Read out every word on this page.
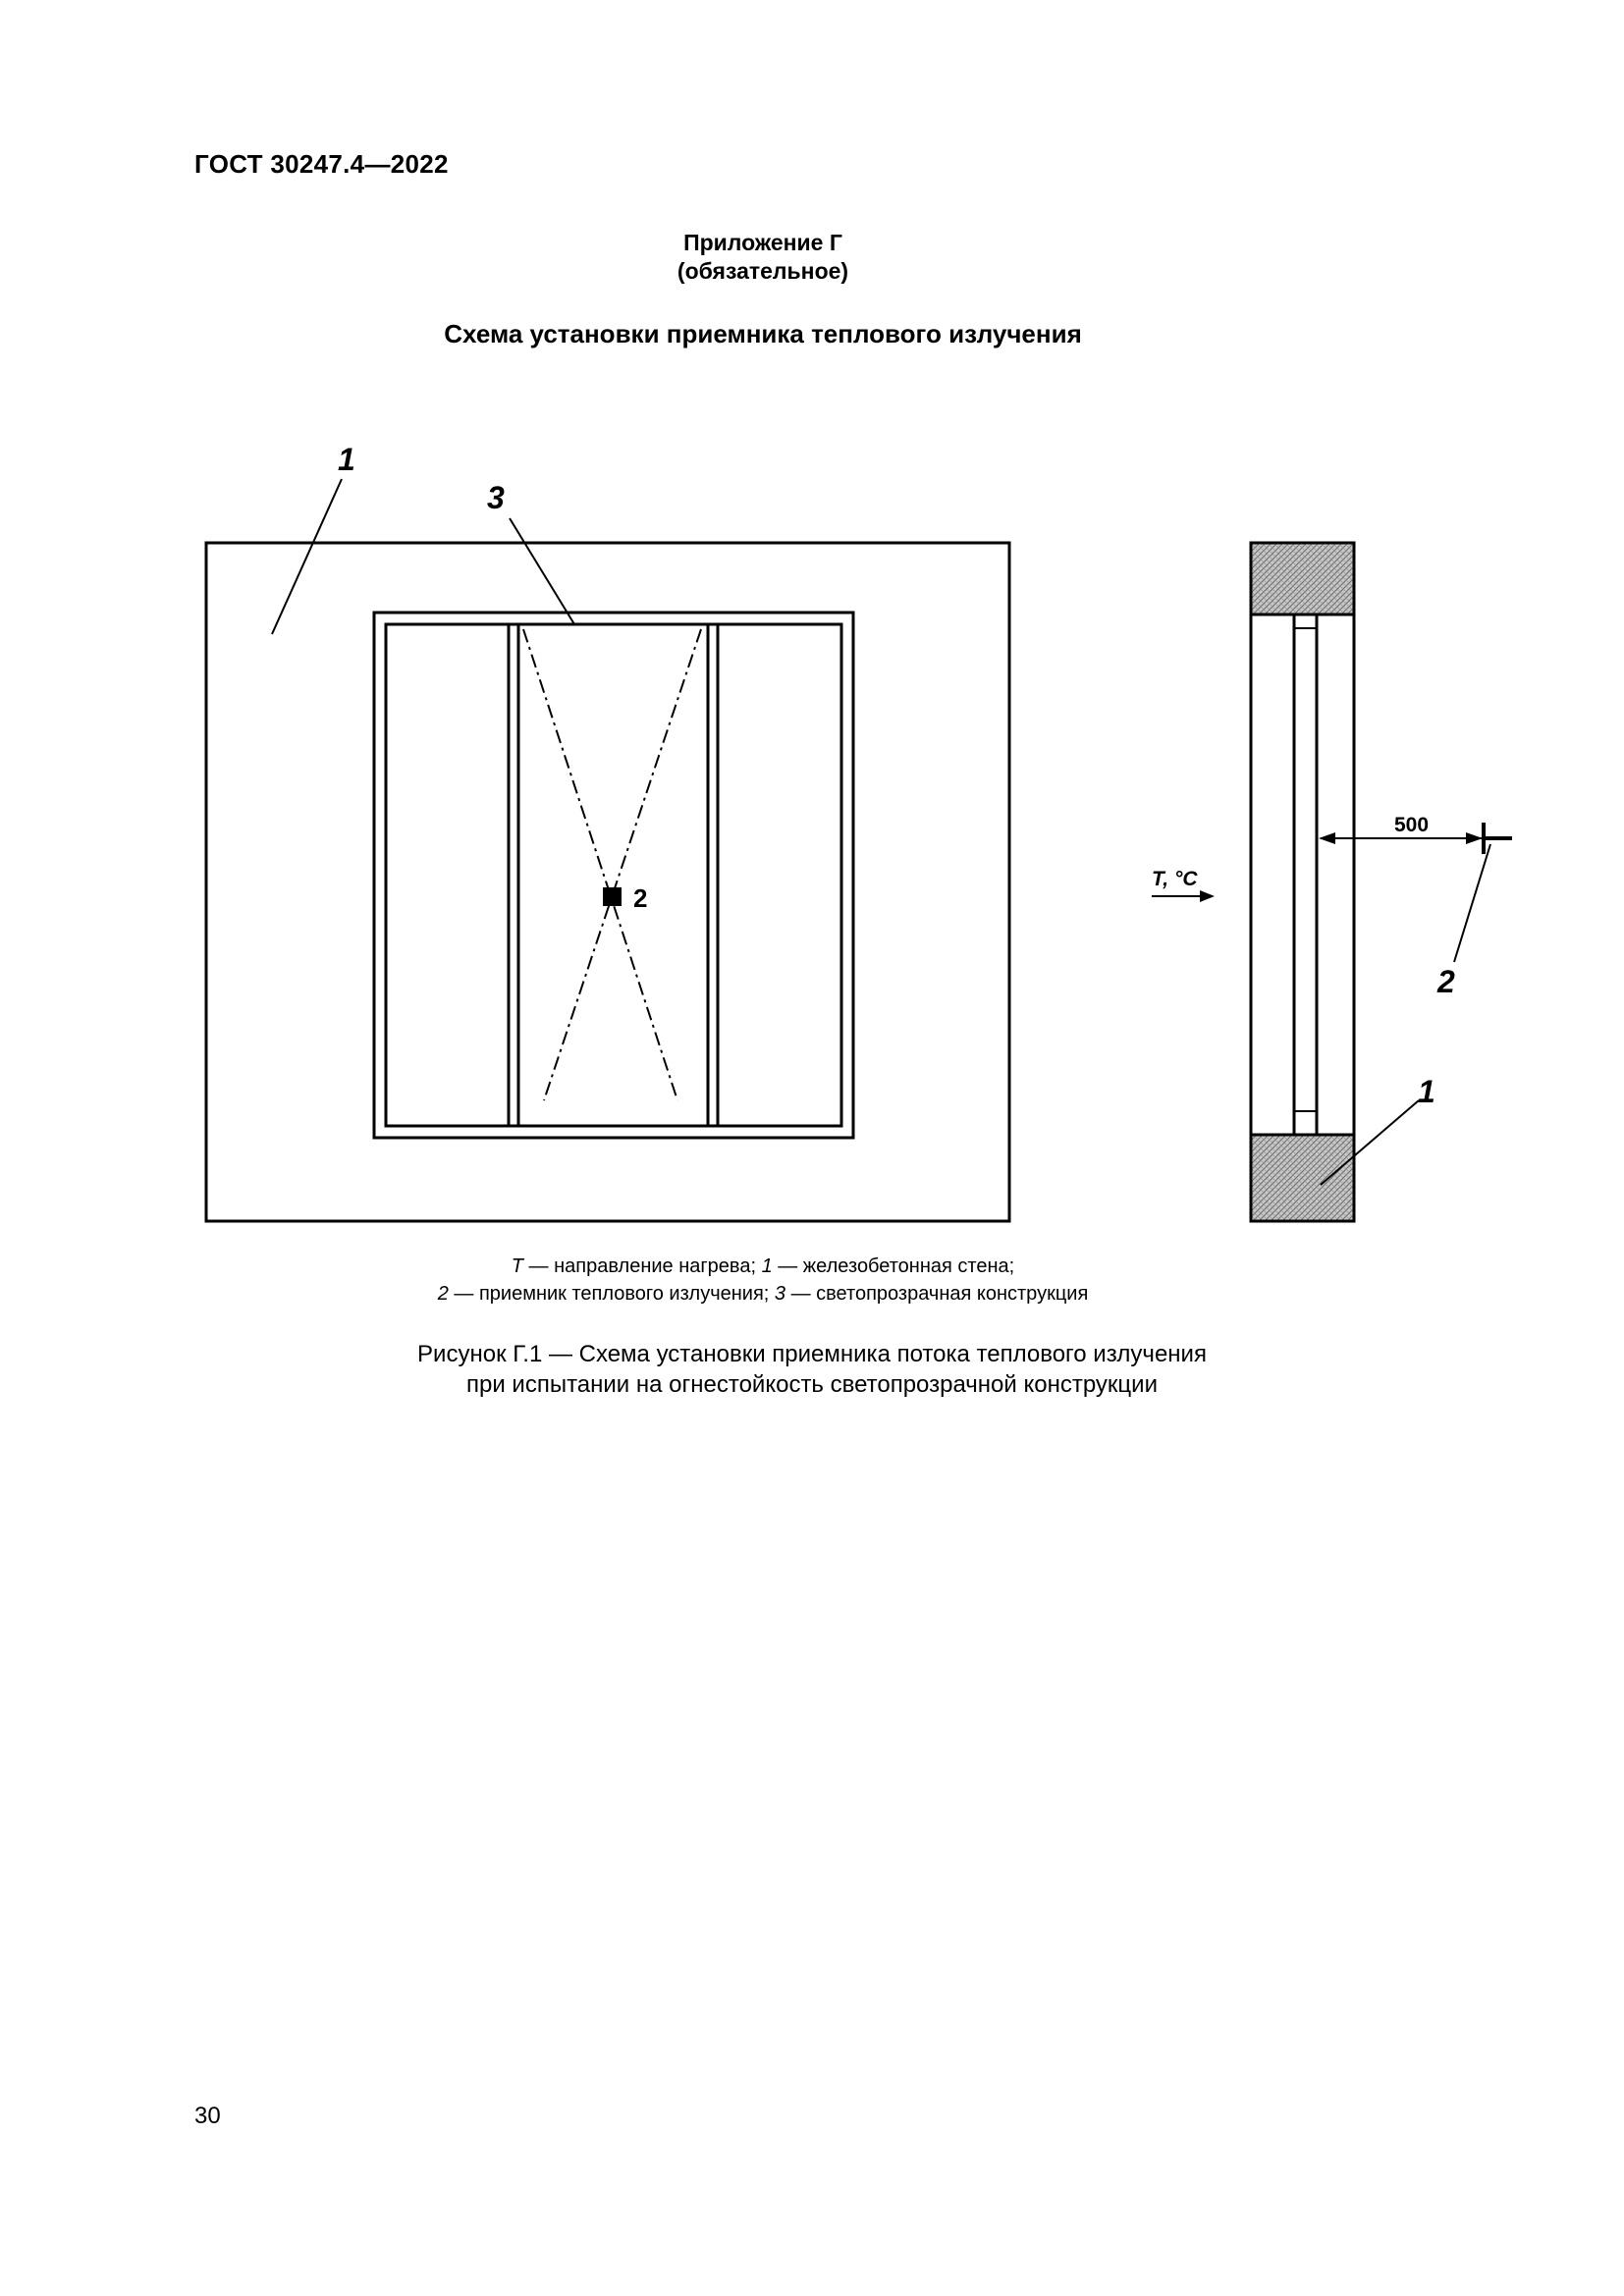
ГОСТ 30247.4—2022
Приложение Г
(обязательное)
Схема установки приемника теплового излучения
2
1
3
500
2
T, °C
1
T — направление нагрева; 1 — железобетонная стена;
2 — приемник теплового излучения; 3 — светопрозрачная конструкция
Рисунок Г.1 — Схема установки приемника потока теплового излучения
при испытании на огнестойкость светопрозрачной конструкции
30
